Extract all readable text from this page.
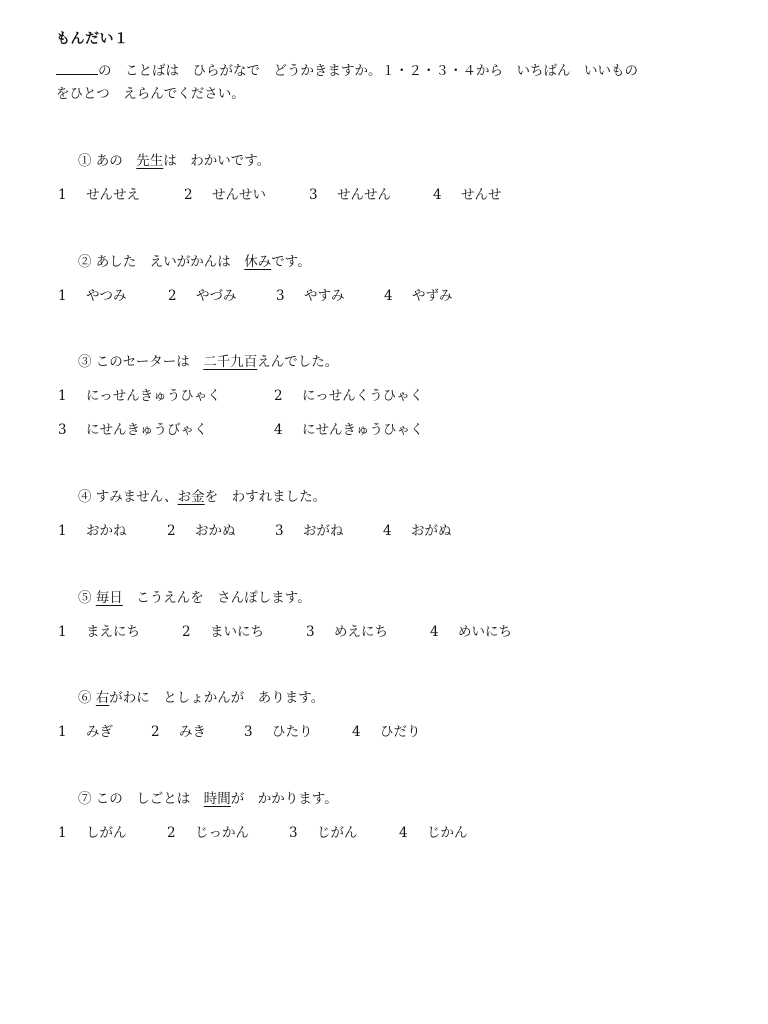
もんだい１
の　ことばは　ひらがなで　どうかきますか。１・２・３・４から　いちばん　いいもの
をひとつ　えらんでください。
① あの　先生は　わかいです。
1 せんせえ	2 せんせい	3 せんせん	4 せんせ
② あした　えいがかんは　休みです。
1 やつみ	2 やづみ	3 やすみ	4 やずみ
③ このセーターは　二千九百えんでした。
1 にっせんきゅうひゃく	2 にっせんくうひゃく
3 にせんきゅうびゃく	4 にせんきゅうひゃく
④ すみません、お金を　わすれました。
1 おかね	2 おかぬ	3 おがね	4 おがぬ
⑤ 毎日　こうえんを　さんぽします。
1 まえにち	2 まいにち	3 めえにち	4 めいにち
⑥ 右がわに　としょかんが　あります。
1 みぎ	2 みき	3 ひたり	4 ひだり
⑦ この　しごとは　時間が　かかります。
1 しがん	2 じっかん	3 じがん	4 じかん
